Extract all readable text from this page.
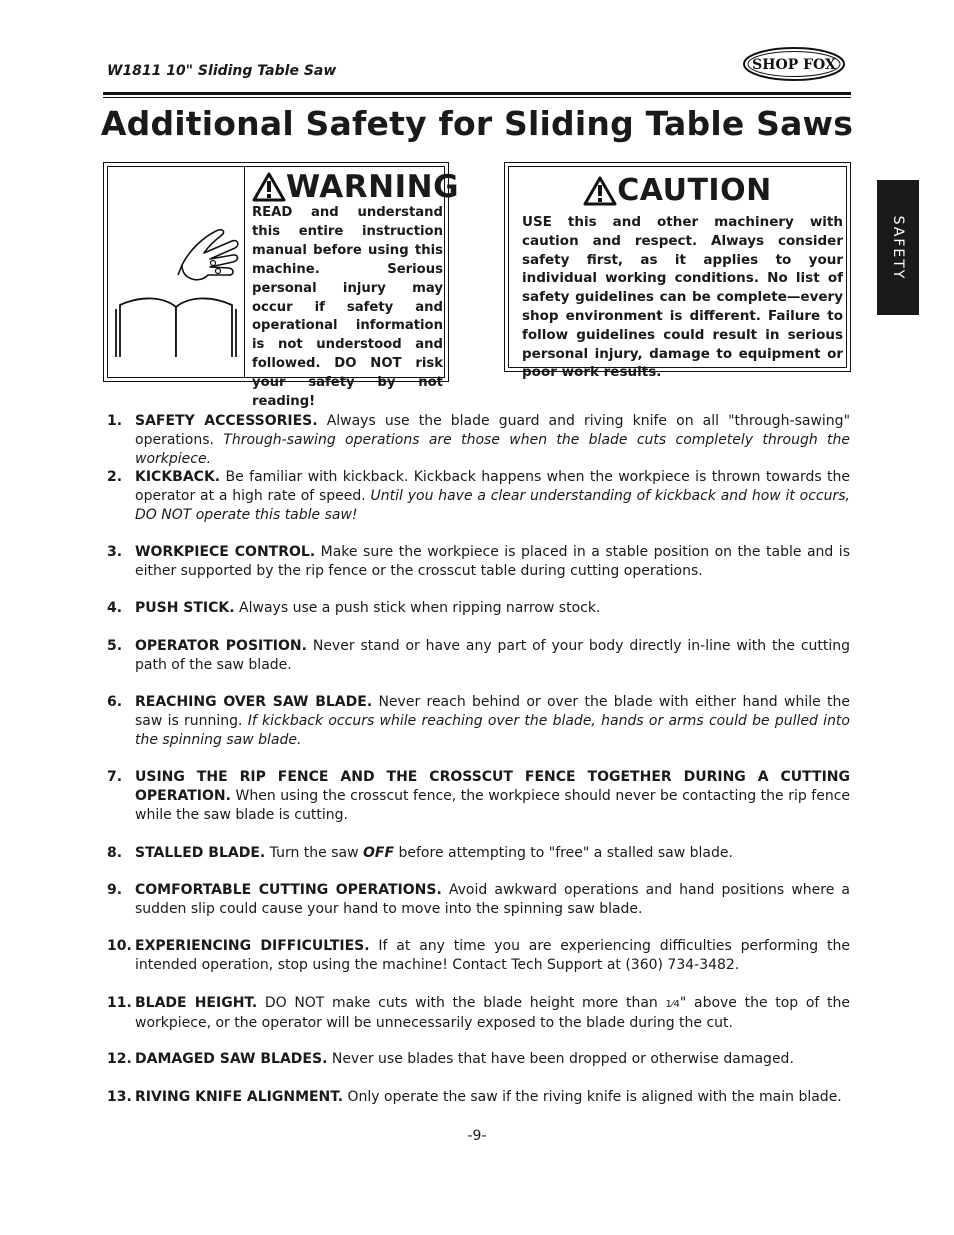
W1811 10" Sliding Table Saw	SHOP FOX
Additional Safety for Sliding Table Saws
SAFETY
WARNING
READ and understand this entire instruction manual before using this machine. Serious personal injury may occur if safety and operational information is not understood and followed. DO NOT risk your safety by not reading!
CAUTION
USE this and other machinery with caution and respect. Always consider safety first, as it applies to your individual working conditions. No list of safety guidelines can be complete—every shop environment is different. Failure to follow guidelines could result in serious personal injury, damage to equipment or poor work results.
1. SAFETY ACCESSORIES. Always use the blade guard and riving knife on all "through-sawing" operations. Through-sawing operations are those when the blade cuts completely through the workpiece.
2. KICKBACK. Be familiar with kickback. Kickback happens when the workpiece is thrown towards the operator at a high rate of speed. Until you have a clear understanding of kickback and how it occurs, DO NOT operate this table saw!
3. WORKPIECE CONTROL. Make sure the workpiece is placed in a stable position on the table and is either supported by the rip fence or the crosscut table during cutting operations.
4. PUSH STICK. Always use a push stick when ripping narrow stock.
5. OPERATOR POSITION. Never stand or have any part of your body directly in-line with the cutting path of the saw blade.
6. REACHING OVER SAW BLADE. Never reach behind or over the blade with either hand while the saw is running. If kickback occurs while reaching over the blade, hands or arms could be pulled into the spinning saw blade.
7. USING THE RIP FENCE AND THE CROSSCUT FENCE TOGETHER DURING A CUTTING OPERATION. When using the crosscut fence, the workpiece should never be contacting the rip fence while the saw blade is cutting.
8. STALLED BLADE. Turn the saw OFF before attempting to "free" a stalled saw blade.
9. COMFORTABLE CUTTING OPERATIONS. Avoid awkward operations and hand positions where a sudden slip could cause your hand to move into the spinning saw blade.
10. EXPERIENCING DIFFICULTIES. If at any time you are experiencing difficulties performing the intended operation, stop using the machine! Contact Tech Support at (360) 734-3482.
11. BLADE HEIGHT. DO NOT make cuts with the blade height more than 1⁄4" above the top of the workpiece, or the operator will be unnecessarily exposed to the blade during the cut.
12. DAMAGED SAW BLADES. Never use blades that have been dropped or otherwise damaged.
13. RIVING KNIFE ALIGNMENT. Only operate the saw if the riving knife is aligned with the main blade.
-9-
